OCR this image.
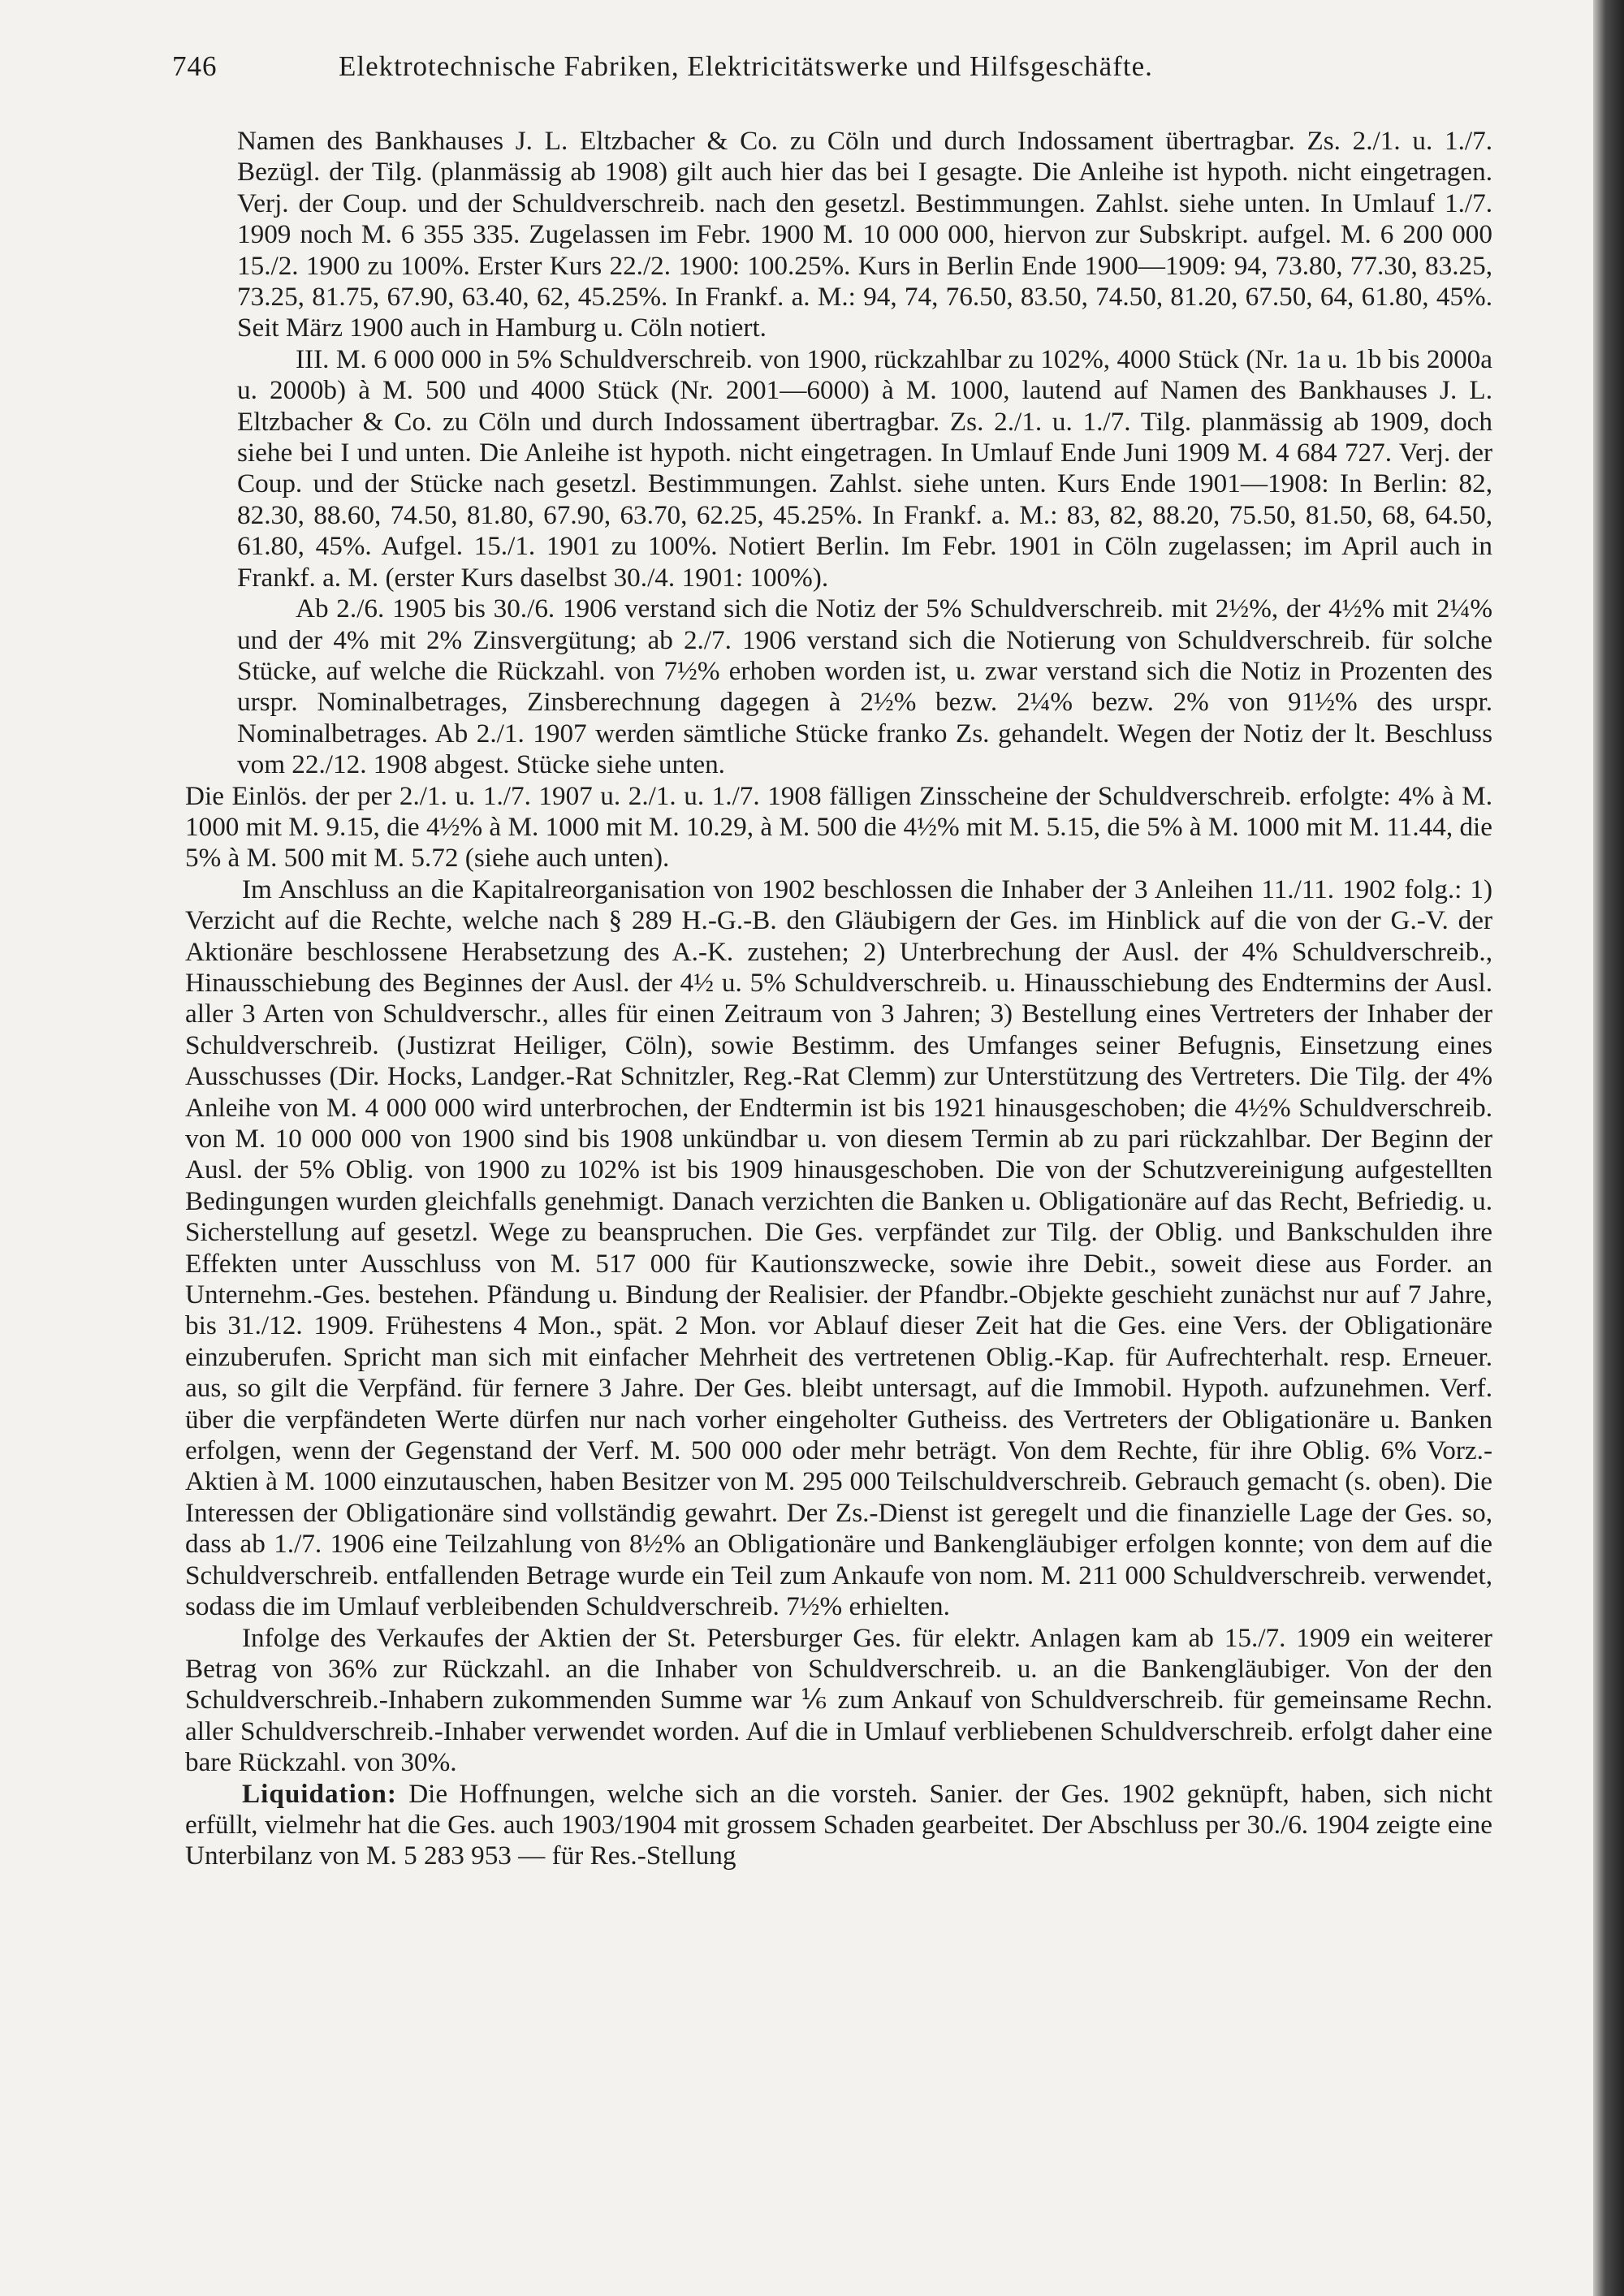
746	Elektrotechnische Fabriken, Elektricitätswerke und Hilfsgeschäfte.

Namen des Bankhauses J. L. Eltzbacher & Co. zu Cöln und durch Indossament übertragbar. Zs. 2./1. u. 1./7. Bezügl. der Tilg. (planmässig ab 1908) gilt auch hier das bei I gesagte. Die Anleihe ist hypoth. nicht eingetragen. Verj. der Coup. und der Schuldverschreib. nach den gesetzl. Bestimmungen. Zahlst. siehe unten. In Umlauf 1./7. 1909 noch M. 6 355 335. Zugelassen im Febr. 1900 M. 10 000 000, hiervon zur Subskript. aufgel. M. 6 200 000 15./2. 1900 zu 100%. Erster Kurs 22./2. 1900: 100.25%. Kurs in Berlin Ende 1900—1909: 94, 73.80, 77.30, 83.25, 73.25, 81.75, 67.90, 63.40, 62, 45.25%. In Frankf. a. M.: 94, 74, 76.50, 83.50, 74.50, 81.20, 67.50, 64, 61.80, 45%. Seit März 1900 auch in Hamburg u. Cöln notiert.

III. M. 6 000 000 in 5% Schuldverschreib. von 1900, rückzahlbar zu 102%, 4000 Stück (Nr. 1a u. 1b bis 2000a u. 2000b) à M. 500 und 4000 Stück (Nr. 2001—6000) à M. 1000, lautend auf Namen des Bankhauses J. L. Eltzbacher & Co. zu Cöln und durch Indossament übertragbar. Zs. 2./1. u. 1./7. Tilg. planmässig ab 1909, doch siehe bei I und unten. Die Anleihe ist hypoth. nicht eingetragen. In Umlauf Ende Juni 1909 M. 4 684 727. Verj. der Coup. und der Stücke nach gesetzl. Bestimmungen. Zahlst. siehe unten. Kurs Ende 1901—1908: In Berlin: 82, 82.30, 88.60, 74.50, 81.80, 67.90, 63.70, 62.25, 45.25%. In Frankf. a. M.: 83, 82, 88.20, 75.50, 81.50, 68, 64.50, 61.80, 45%. Aufgel. 15./1. 1901 zu 100%. Notiert Berlin. Im Febr. 1901 in Cöln zugelassen; im April auch in Frankf. a. M. (erster Kurs daselbst 30./4. 1901: 100%).

Ab 2./6. 1905 bis 30./6. 1906 verstand sich die Notiz der 5% Schuldverschreib. mit 2½%, der 4½% mit 2¼% und der 4% mit 2% Zinsvergütung; ab 2./7. 1906 verstand sich die Notierung von Schuldverschreib. für solche Stücke, auf welche die Rückzahl. von 7½% erhoben worden ist, u. zwar verstand sich die Notiz in Prozenten des urspr. Nominalbetrages, Zinsberechnung dagegen à 2½% bezw. 2¼% bezw. 2% von 91½% des urspr. Nominalbetrages. Ab 2./1. 1907 werden sämtliche Stücke franko Zs. gehandelt. Wegen der Notiz der lt. Beschluss vom 22./12. 1908 abgest. Stücke siehe unten.

Die Einlös. der per 2./1. u. 1./7. 1907 u. 2./1. u. 1./7. 1908 fälligen Zinsscheine der Schuldverschreib. erfolgte: 4% à M. 1000 mit M. 9.15, die 4½% à M. 1000 mit M. 10.29, à M. 500 die 4½% mit M. 5.15, die 5% à M. 1000 mit M. 11.44, die 5% à M. 500 mit M. 5.72 (siehe auch unten).

Im Anschluss an die Kapitalreorganisation von 1902 beschlossen die Inhaber der 3 Anleihen 11./11. 1902 folg.: 1) Verzicht auf die Rechte, welche nach § 289 H.-G.-B. den Gläubigern der Ges. im Hinblick auf die von der G.-V. der Aktionäre beschlossene Herabsetzung des A.-K. zustehen; 2) Unterbrechung der Ausl. der 4% Schuldverschreib., Hinausschiebung des Beginnes der Ausl. der 4½ u. 5% Schuldverschreib. u. Hinausschiebung des Endtermins der Ausl. aller 3 Arten von Schuldverschr., alles für einen Zeitraum von 3 Jahren; 3) Bestellung eines Vertreters der Inhaber der Schuldverschreib. (Justizrat Heiliger, Cöln), sowie Bestimm. des Umfanges seiner Befugnis, Einsetzung eines Ausschusses (Dir. Hocks, Landger.-Rat Schnitzler, Reg.-Rat Clemm) zur Unterstützung des Vertreters. Die Tilg. der 4% Anleihe von M. 4 000 000 wird unterbrochen, der Endtermin ist bis 1921 hinausgeschoben; die 4½% Schuldverschreib. von M. 10 000 000 von 1900 sind bis 1908 unkündbar u. von diesem Termin ab zu pari rückzahlbar. Der Beginn der Ausl. der 5% Oblig. von 1900 zu 102% ist bis 1909 hinausgeschoben. Die von der Schutzvereinigung aufgestellten Bedingungen wurden gleichfalls genehmigt. Danach verzichten die Banken u. Obligationäre auf das Recht, Befriedig. u. Sicherstellung auf gesetzl. Wege zu beanspruchen. Die Ges. verpfändet zur Tilg. der Oblig. und Bankschulden ihre Effekten unter Ausschluss von M. 517 000 für Kautionszwecke, sowie ihre Debit., soweit diese aus Forder. an Unternehm.-Ges. bestehen. Pfändung u. Bindung der Realisier. der Pfandbr.-Objekte geschieht zunächst nur auf 7 Jahre, bis 31./12. 1909. Frühestens 4 Mon., spät. 2 Mon. vor Ablauf dieser Zeit hat die Ges. eine Vers. der Obligationäre einzuberufen. Spricht man sich mit einfacher Mehrheit des vertretenen Oblig.-Kap. für Aufrechterhalt. resp. Erneuer. aus, so gilt die Verpfänd. für fernere 3 Jahre. Der Ges. bleibt untersagt, auf die Immobil. Hypoth. aufzunehmen. Verf. über die verpfändeten Werte dürfen nur nach vorher eingeholter Gutheiss. des Vertreters der Obligationäre u. Banken erfolgen, wenn der Gegenstand der Verf. M. 500 000 oder mehr beträgt. Von dem Rechte, für ihre Oblig. 6% Vorz.-Aktien à M. 1000 einzutauschen, haben Besitzer von M. 295 000 Teilschuldverschreib. Gebrauch gemacht (s. oben). Die Interessen der Obligationäre sind vollständig gewahrt. Der Zs.-Dienst ist geregelt und die finanzielle Lage der Ges. so, dass ab 1./7. 1906 eine Teilzahlung von 8½% an Obligationäre und Bankengläubiger erfolgen konnte; von dem auf die Schuldverschreib. entfallenden Betrage wurde ein Teil zum Ankaufe von nom. M. 211 000 Schuldverschreib. verwendet, sodass die im Umlauf verbleibenden Schuldverschreib. 7½% erhielten.

Infolge des Verkaufes der Aktien der St. Petersburger Ges. für elektr. Anlagen kam ab 15./7. 1909 ein weiterer Betrag von 36% zur Rückzahl. an die Inhaber von Schuldverschreib. u. an die Bankengläubiger. Von der den Schuldverschreib.-Inhabern zukommenden Summe war ⅙ zum Ankauf von Schuldverschreib. für gemeinsame Rechn. aller Schuldverschreib.-Inhaber verwendet worden. Auf die in Umlauf verbliebenen Schuldverschreib. erfolgt daher eine bare Rückzahl. von 30%.

Liquidation: Die Hoffnungen, welche sich an die vorsteh. Sanier. der Ges. 1902 geknüpft, haben, sich nicht erfüllt, vielmehr hat die Ges. auch 1903/1904 mit grossem Schaden gearbeitet. Der Abschluss per 30./6. 1904 zeigte eine Unterbilanz von M. 5 283 953 — für Res.-Stellung
